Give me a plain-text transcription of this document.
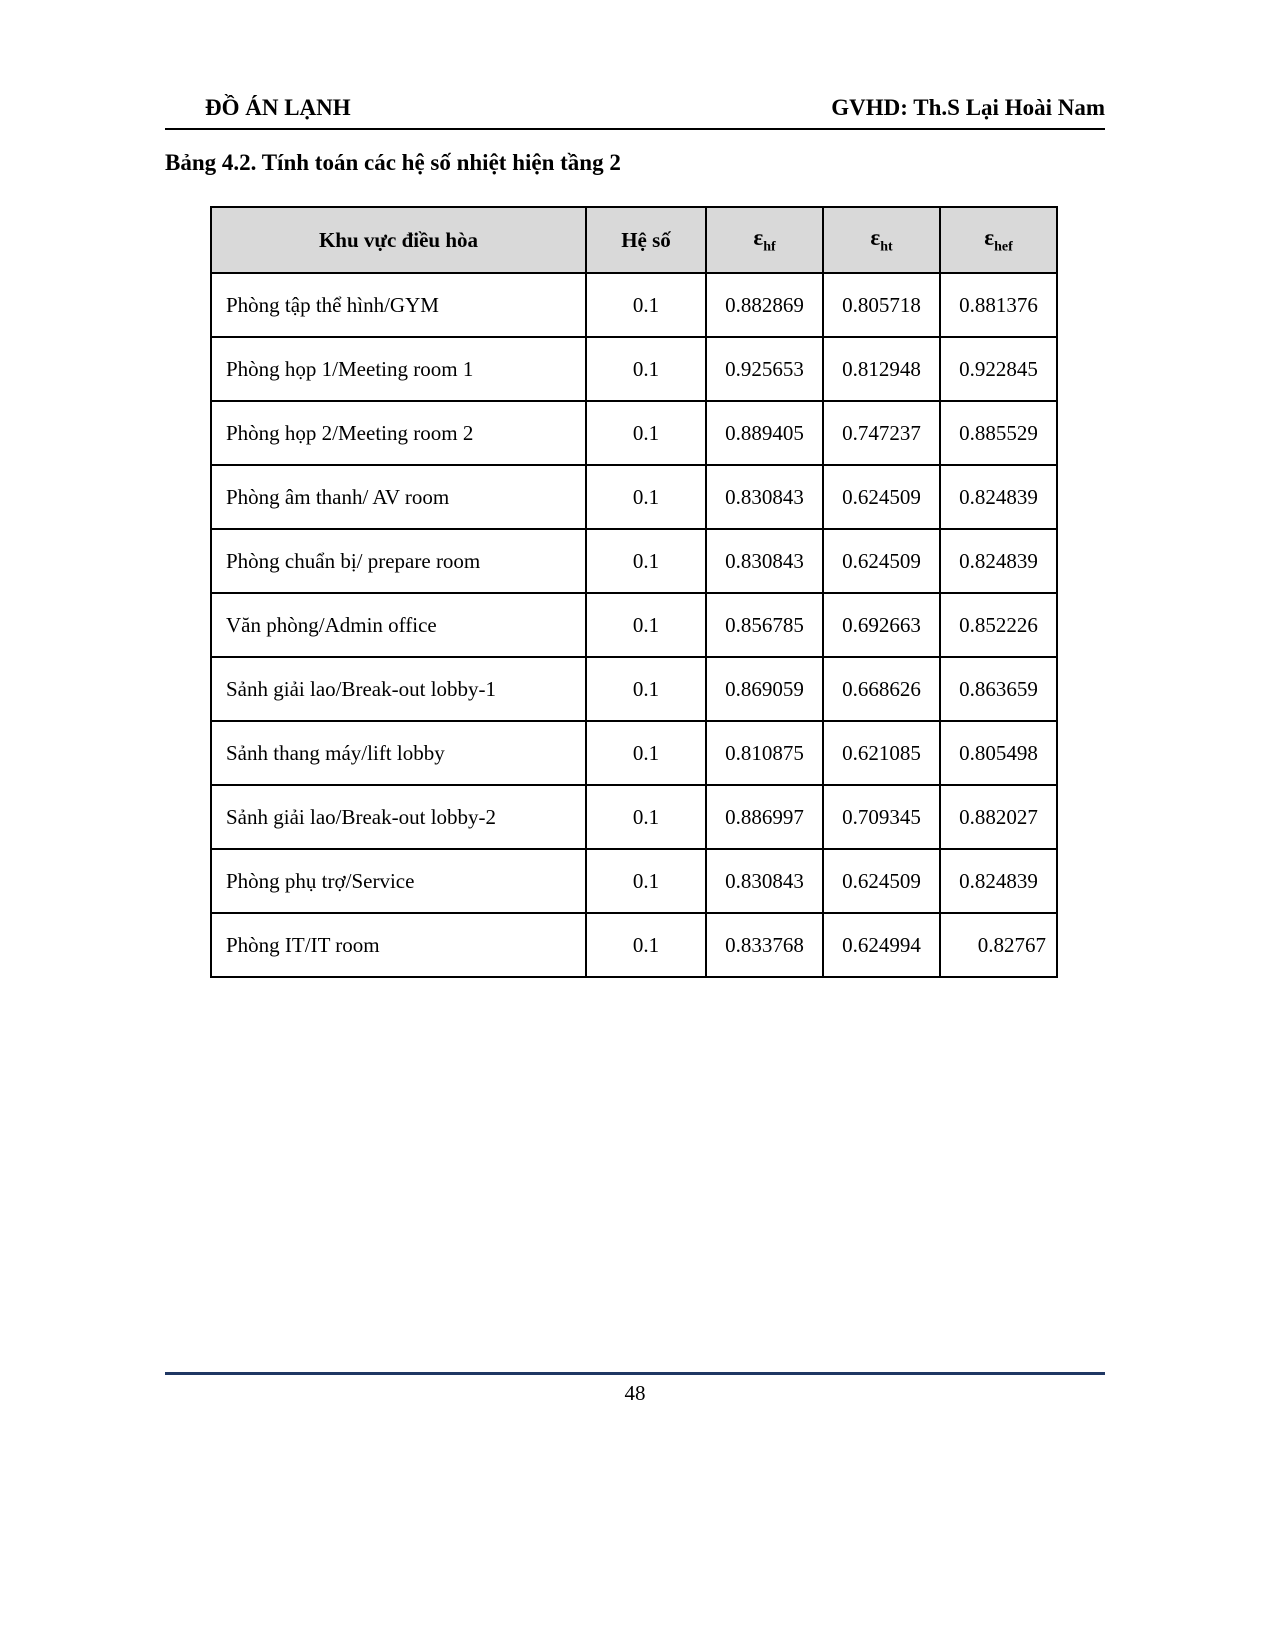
ĐỒ ÁN LẠNH	GVHD: Th.S Lại Hoài Nam
Bảng 4.2. Tính toán các hệ số nhiệt hiện tầng 2
Khu vực điều hòa	Hệ số	$\varepsilon_{hf}$	$\varepsilon_{ht}$	$\varepsilon_{hef}$
Phòng tập thể hình/GYM	0.1	0.882869	0.805718	0.881376
Phòng họp 1/Meeting room 1	0.1	0.925653	0.812948	0.922845
Phòng họp 2/Meeting room 2	0.1	0.889405	0.747237	0.885529
Phòng âm thanh/ AV room	0.1	0.830843	0.624509	0.824839
Phòng chuẩn bị/ prepare room	0.1	0.830843	0.624509	0.824839
Văn phòng/Admin office	0.1	0.856785	0.692663	0.852226
Sảnh giải lao/Break-out lobby-1	0.1	0.869059	0.668626	0.863659
Sảnh thang máy/lift lobby	0.1	0.810875	0.621085	0.805498
Sảnh giải lao/Break-out lobby-2	0.1	0.886997	0.709345	0.882027
Phòng phụ trợ/Service	0.1	0.830843	0.624509	0.824839
Phòng IT/IT room	0.1	0.833768	0.624994	0.82767
48
